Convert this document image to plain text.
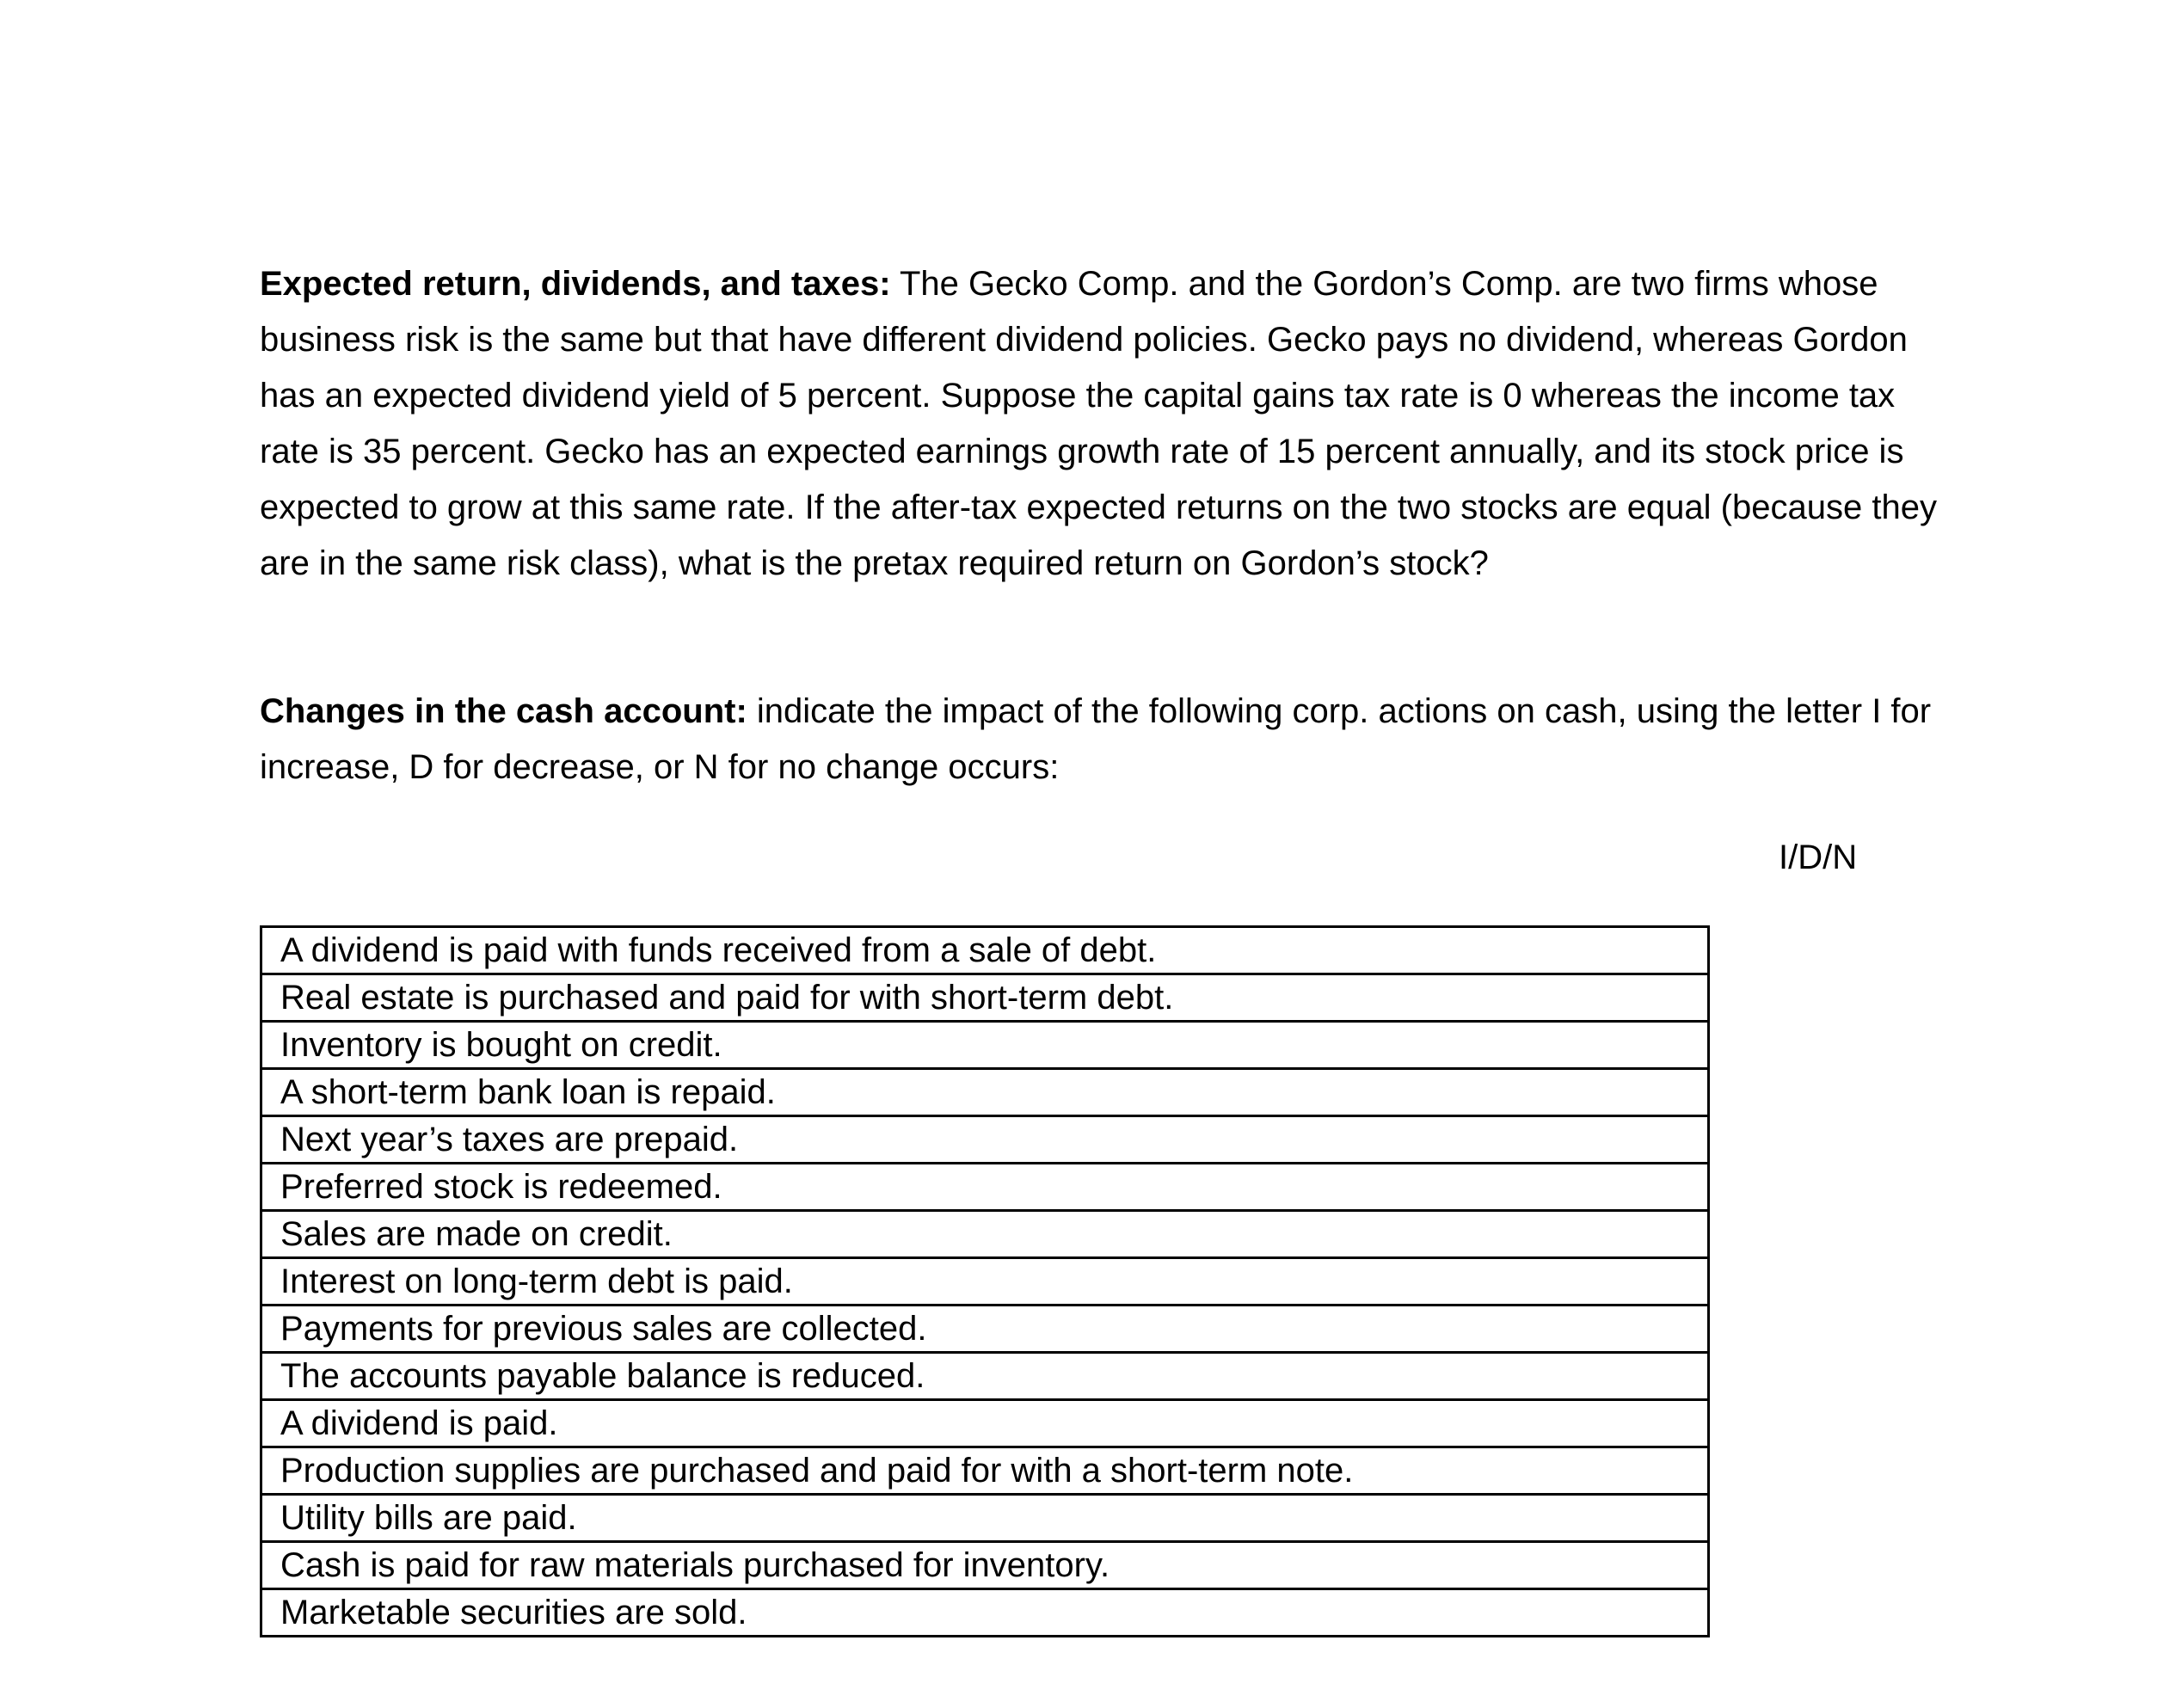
Expected return, dividends, and taxes: The Gecko Comp. and the Gordon’s Comp. are two firms whose business risk is the same but that have different dividend policies. Gecko pays no dividend, whereas Gordon has an expected dividend yield of 5 percent. Suppose the capital gains tax rate is 0 whereas the income tax rate is 35 percent. Gecko has an expected earnings growth rate of 15 percent annually, and its stock price is expected to grow at this same rate. If the after-tax expected returns on the two stocks are equal (because they are in the same risk class), what is the pretax required return on Gordon’s stock?

Changes in the cash account: indicate the impact of the following corp. actions on cash, using the letter I for increase, D for decrease, or N for no change occurs:

I/D/N
A dividend is paid with funds received from a sale of debt.
Real estate is purchased and paid for with short-term debt.
Inventory is bought on credit.
A short-term bank loan is repaid.
Next year’s taxes are prepaid.
Preferred stock is redeemed.
Sales are made on credit.
Interest on long-term debt is paid.
Payments for previous sales are collected.
The accounts payable balance is reduced.
A dividend is paid.
Production supplies are purchased and paid for with a short-term note.
Utility bills are paid.
Cash is paid for raw materials purchased for inventory.
Marketable securities are sold.
